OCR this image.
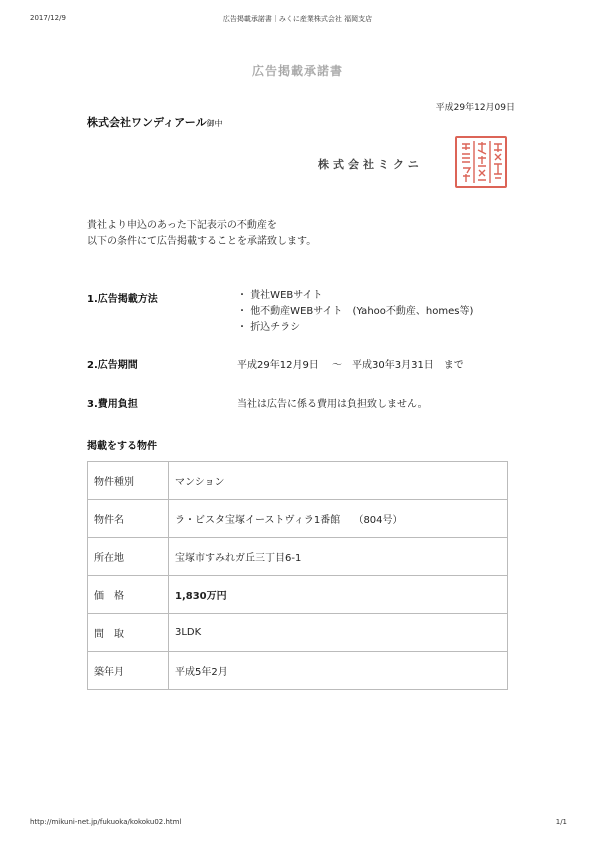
2017/12/9	広告掲載承諾書｜みくに産業株式会社 福岡支店
広告掲載承諾書
平成29年12月09日
株式会社ワンディアール御中
株式会社ミクニ
貴社より申込のあった下記表示の不動産を
以下の条件にて広告掲載することを承諾致します。
1.広告掲載方法	・ 貴社WEBサイト
・ 他不動産WEBサイト　(Yahoo不動産、homes等)
・ 折込チラシ
2.広告期間	平成29年12月9日　 ～　平成30年3月31日　まで
3.費用負担	当社は広告に係る費用は負担致しません。
掲載をする物件
物件種別	マンション
物件名	ラ・ビスタ宝塚イーストヴィラ1番館　 （804号）
所在地	宝塚市すみれガ丘三丁目6-1
価　格	1,830万円
間　取	3LDK
築年月	平成5年2月
http://mikuni-net.jp/fukuoka/kokoku02.html	1/1
